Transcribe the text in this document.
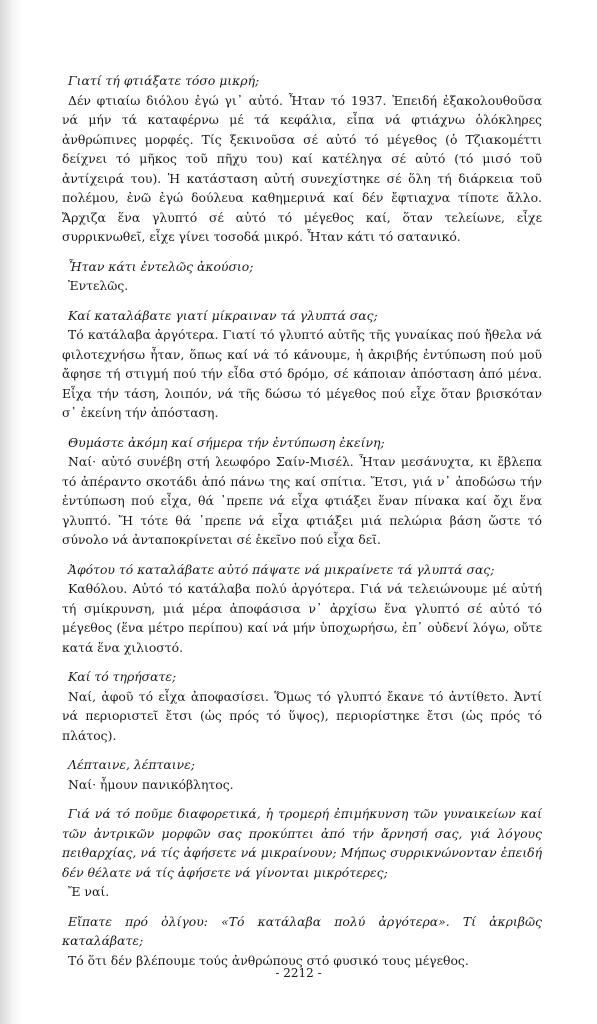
Γιατί τή φτιάξατε τόσο μικρή;

Δέν φτιαίω διόλου ἐγώ γι᾽ αὐτό. Ἦταν τό 1937. Ἐπειδή ἐξακολουθοῦσα νά μήν τά καταφέρνω μέ τά κεφάλια, εἶπα νά φτιάχνω ὁλόκληρες ἀνθρώπινες μορφές. Τίς ξεκινοῦσα σέ αὐτό τό μέγεθος (ὁ Τζιακομέττι δείχνει τό μῆκος τοῦ πῆχυ του) καί κατέληγα σέ αὐτό (τό μισό τοῦ ἀντίχειρά του). Ἡ κατάσταση αὐτή συνεχίστηκε σέ ὅλη τή διάρκεια τοῦ πολέμου, ἐνῶ ἐγώ δούλευα καθημερινά καί δέν ἔφτιαχνα τίποτε ἄλλο. Ἄρχιζα ἕνα γλυπτό σέ αὐτό τό μέγεθος καί, ὅταν τελείωνε, εἶχε συρρικνωθεῖ, εἶχε γίνει τοσοδά μικρό. Ἦταν κάτι τό σατανικό.

Ἦταν κάτι ἐντελῶς ἀκούσιο;

Ἐντελῶς.

Καί καταλάβατε γιατί μίκραιναν τά γλυπτά σας;

Τό κατάλαβα ἀργότερα. Γιατί τό γλυπτό αὐτῆς τῆς γυναίκας πού ἤθελα νά φιλοτεχνήσω ἦταν, ὅπως καί νά τό κάνουμε, ἡ ἀκριβής ἐντύπωση πού μοῦ ἄφησε τή στιγμή πού τήν εἶδα στό δρόμο, σέ κάποιαν ἀπόσταση ἀπό μένα. Εἶχα τήν τάση, λοιπόν, νά τῆς δώσω τό μέγεθος πού εἶχε ὅταν βρισκόταν σ᾽ ἐκείνη τήν ἀπόσταση.

Θυμάστε ἀκόμη καί σήμερα τήν ἐντύπωση ἐκείνη;

Ναί· αὐτό συνέβη στή λεωφόρο Σαίν-Μισέλ. Ἦταν μεσάνυχτα, κι ἔβλεπα τό ἀπέραντο σκοτάδι ἀπό πάνω της καί σπίτια. Ἔτσι, γιά ν᾽ ἀποδώσω τήν ἐντύπωση πού εἶχα, θά ᾽πρεπε νά εἶχα φτιάξει ἕναν πίνακα καί ὄχι ἕνα γλυπτό. Ἤ τότε θά ᾽πρεπε νά εἶχα φτιάξει μιά πελώρια βάση ὥστε τό σύνολο νά ἀνταποκρίνεται σέ ἐκεῖνο πού εἶχα δεῖ.

Ἀφότου τό καταλάβατε αὐτό πάψατε νά μικραίνετε τά γλυπτά σας;

Καθόλου. Αὐτό τό κατάλαβα πολύ ἀργότερα. Γιά νά τελειώνουμε μέ αὐτή τή σμίκρυνση, μιά μέρα ἀποφάσισα ν᾽ ἀρχίσω ἕνα γλυπτό σέ αὐτό τό μέγεθος (ἕνα μέτρο περίπου) καί νά μήν ὑποχωρήσω, ἐπ᾽ οὐδενί λόγω, οὔτε κατά ἕνα χιλιοστό.

Καί τό τηρήσατε;

Ναί, ἀφοῦ τό εἶχα ἀποφασίσει. Ὅμως τό γλυπτό ἔκανε τό ἀντίθετο. Ἀντί νά περιοριστεῖ ἔτσι (ὡς πρός τό ὕψος), περιορίστηκε ἔτσι (ὡς πρός τό πλάτος).

Λέπταινε, λέπταινε;

Ναί· ἦμουν πανικόβλητος.

Γιά νά τό ποῦμε διαφορετικά, ἡ τρομερή ἐπιμήκυνση τῶν γυναικείων καί τῶν ἀντρικῶν μορφῶν σας προκύπτει ἀπό τήν ἄρνησή σας, γιά λόγους πειθαρχίας, νά τίς ἀφήσετε νά μικραίνουν; Μήπως συρρικνώνονταν ἐπειδή δέν θέλατε νά τίς ἀφήσετε νά γίνονται μικρότερες;

Ἔ ναί.

Εἴπατε πρό ὀλίγου: «Τό κατάλαβα πολύ ἀργότερα». Τί ἀκριβῶς καταλάβατε;

Τό ὅτι δέν βλέπουμε τούς ἀνθρώπους στό φυσικό τους μέγεθος.

- 2212 -
